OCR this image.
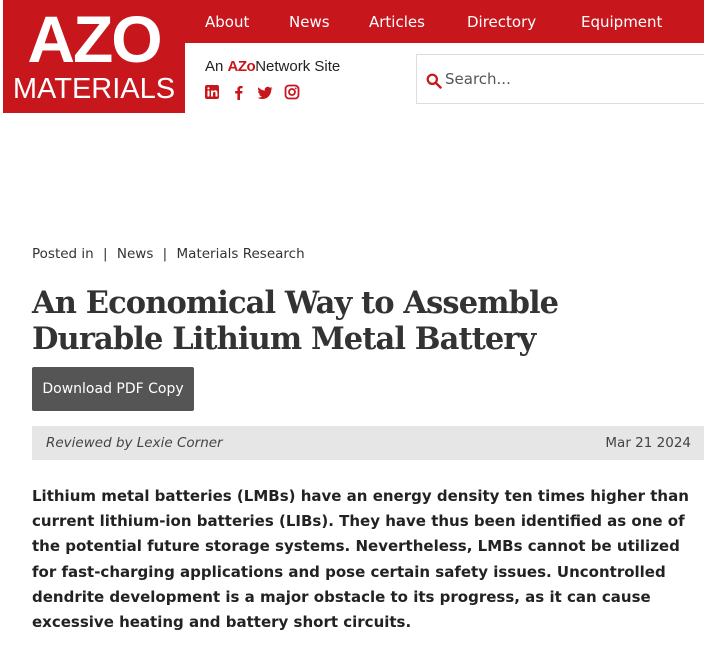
AZO
MATERIALS
About	News	Articles	Directory	Equipment
An AZoNetwork Site
Search...
Posted in | News | Materials Research
An Economical Way to Assemble Durable Lithium Metal Battery
Download PDF Copy
Reviewed by Lexie Corner	Mar 21 2024

Lithium metal batteries (LMBs) have an energy density ten times higher than current lithium-ion batteries (LIBs). They have thus been identified as one of the potential future storage systems. Nevertheless, LMBs cannot be utilized for fast-charging applications and pose certain safety issues. Uncontrolled dendrite development is a major obstacle to its progress, as it can cause excessive heating and battery short circuits.
